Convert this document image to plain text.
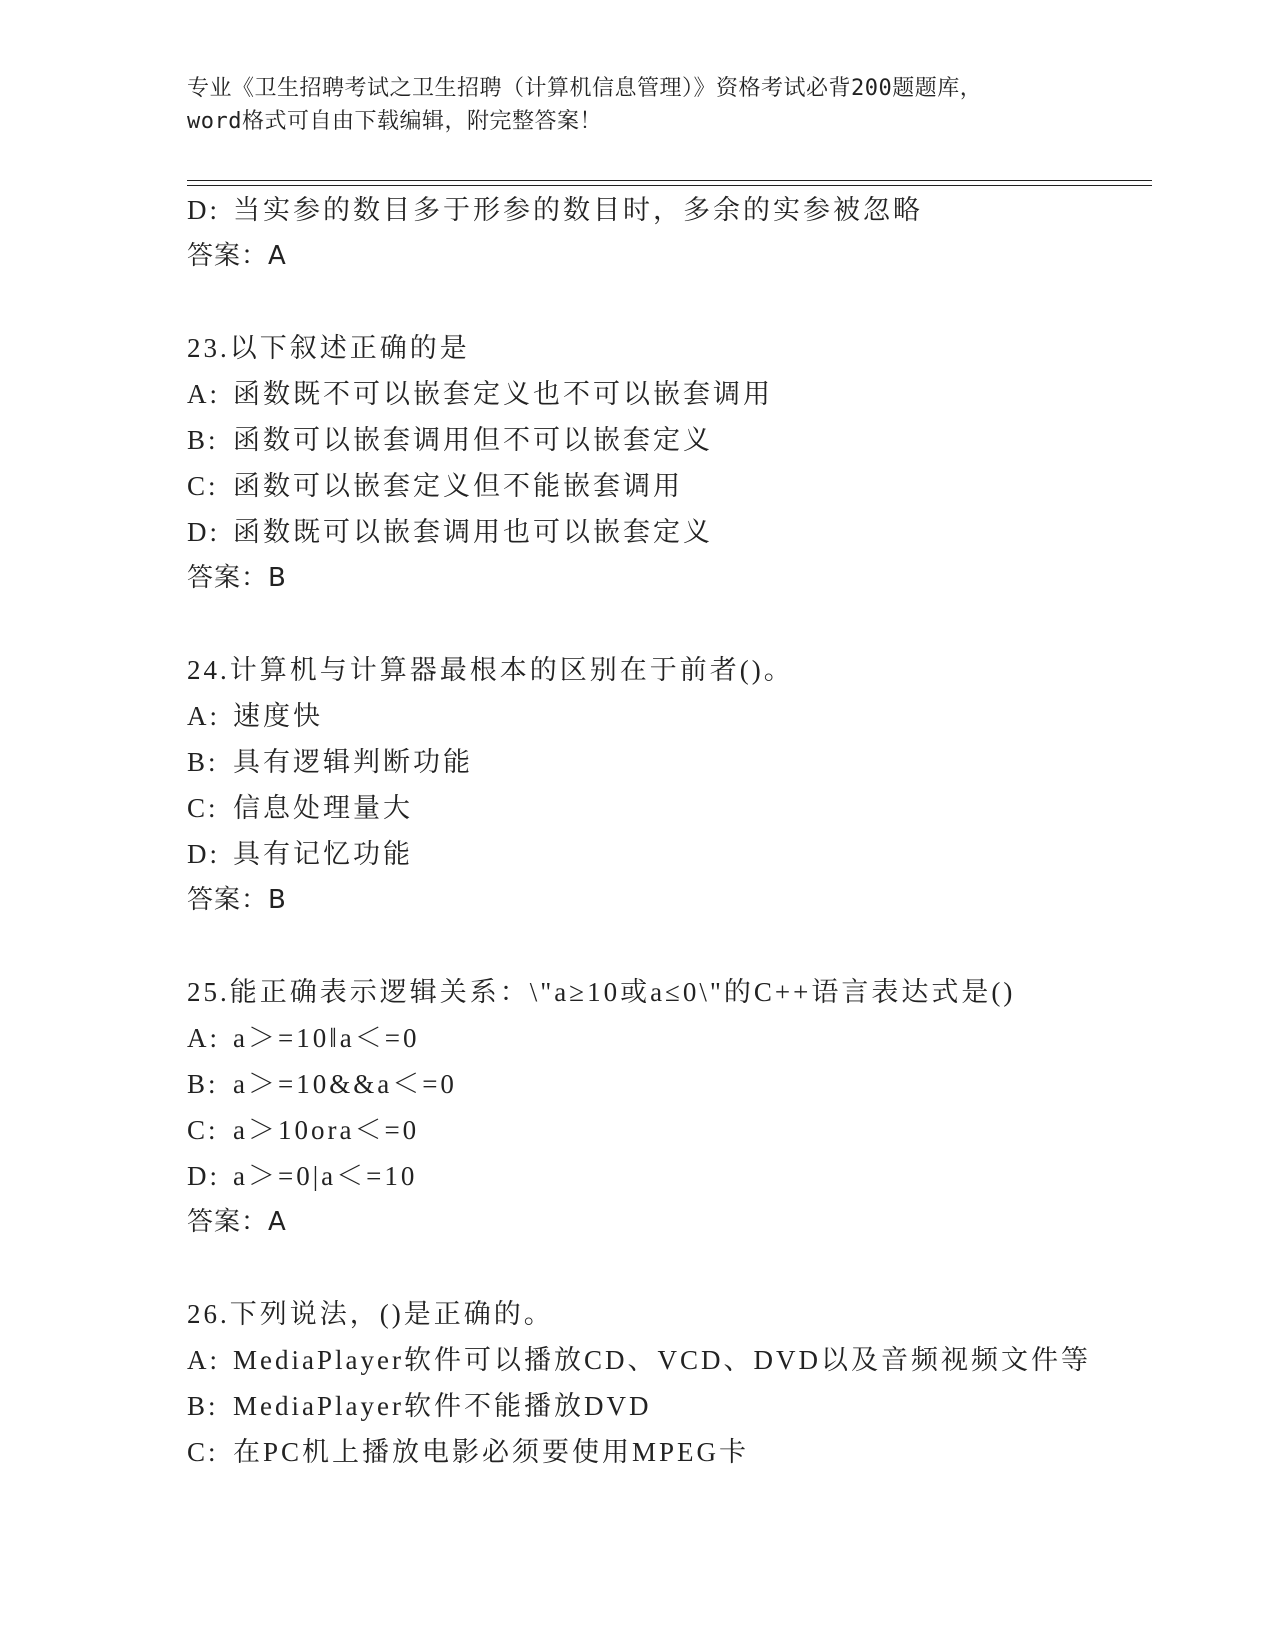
专业《卫生招聘考试之卫生招聘（计算机信息管理）》资格考试必背200题题库，
word格式可自由下载编辑，附完整答案！
D: 当实参的数目多于形参的数目时，多余的实参被忽略
答案：A
23.以下叙述正确的是
A: 函数既不可以嵌套定义也不可以嵌套调用
B: 函数可以嵌套调用但不可以嵌套定义
C: 函数可以嵌套定义但不能嵌套调用
D: 函数既可以嵌套调用也可以嵌套定义
答案：B
24.计算机与计算器最根本的区别在于前者()。
A: 速度快
B: 具有逻辑判断功能
C: 信息处理量大
D: 具有记忆功能
答案：B
25.能正确表示逻辑关系：\"a≥10或a≤0\"的C++语言表达式是()
A: a＞=10‖a＜=0
B: a＞=10&&a＜=0
C: a＞10ora＜=0
D: a＞=0|a＜=10
答案：A
26.下列说法，()是正确的。
A: MediaPlayer软件可以播放CD、VCD、DVD以及音频视频文件等
B: MediaPlayer软件不能播放DVD
C: 在PC机上播放电影必须要使用MPEG卡
